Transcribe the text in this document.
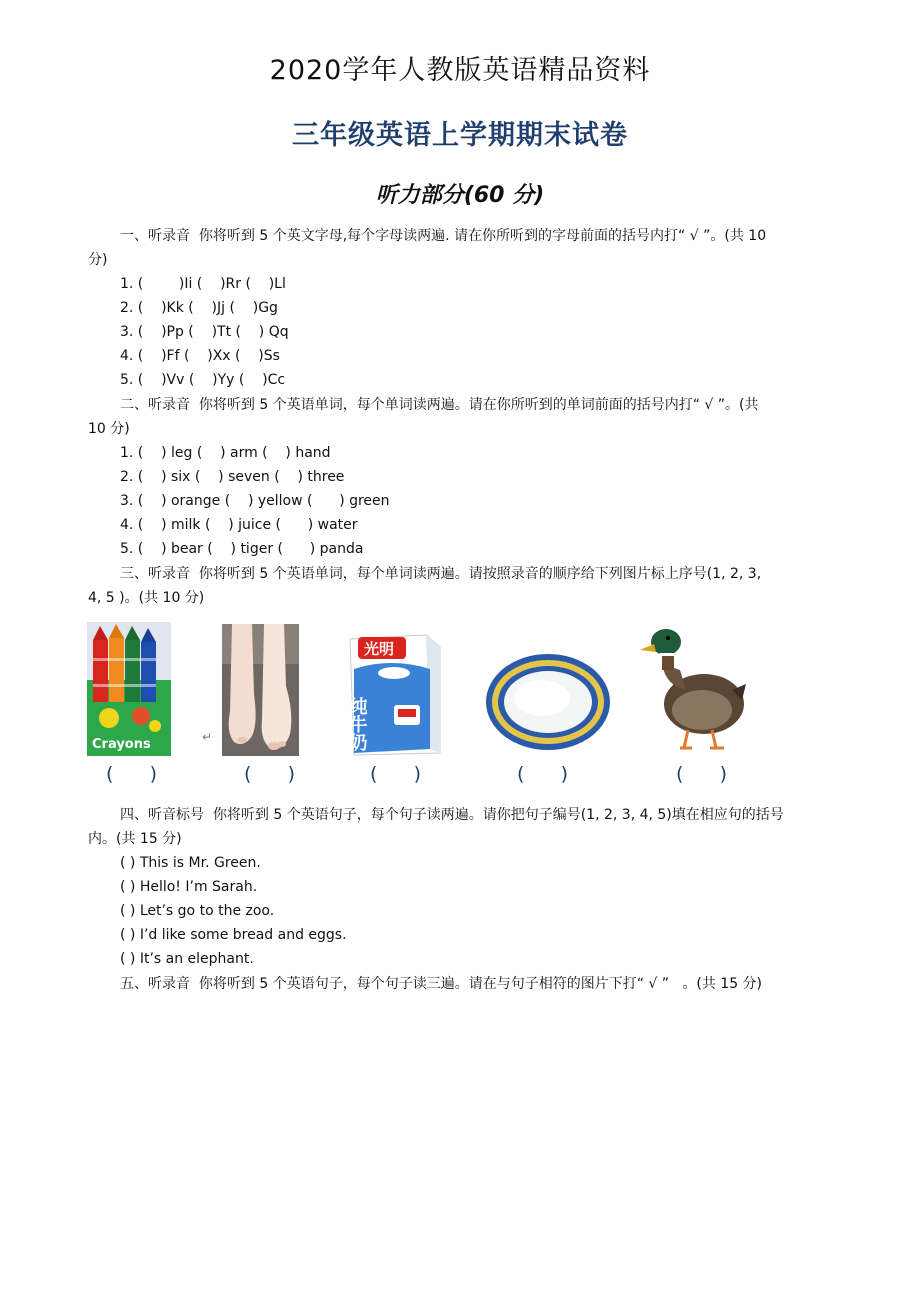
2020学年人教版英语精品资料
三年级英语上学期期末试卷
听力部分(60 分)
一、听录音  你将听到 5 个英文字母,每个字母读两遍. 请在你所听到的字母前面的括号内打“ √ ”。(共 10
分)
1. (        )Ii (    )Rr (    )Ll
2. (    )Kk (    )Jj (    )Gg
3. (    )Pp (    )Tt (    ) Qq
4. (    )Ff (    )Xx (    )Ss
5. (    )Vv (    )Yy (    )Cc
二、听录音  你将听到 5 个英语单词，每个单词读两遍。请在你所听到的单词前面的括号内打“ √ ”。(共
10 分)
1. (    ) leg (    ) arm (    ) hand
2. (    ) six (    ) seven (    ) three
3. (    ) orange (    ) yellow (      ) green
4. (    ) milk (    ) juice (      ) water
5. (    ) bear (    ) tiger (      ) panda
三、听录音  你将听到 5 个英语单词，每个单词读两遍。请按照录音的顺序给下列图片标上序号(1, 2, 3,
4, 5 )。(共 10 分)
Crayons	↵
光明
纯牛奶
(      )	(      )	(      )	(      )	(      )
四、听音标号  你将听到 5 个英语句子，每个句子读两遍。请你把句子编号(1, 2, 3, 4, 5)填在相应句的括号
内。(共 15 分)
( ) This is Mr. Green.
( ) Hello! I’m Sarah.
( ) Let’s go to the zoo.
( ) I’d like some bread and eggs.
( ) It’s an elephant.
五、听录音  你将听到 5 个英语句子，每个句子读三遍。请在与句子相符的图片下打“ √ ”   。(共 15 分)
